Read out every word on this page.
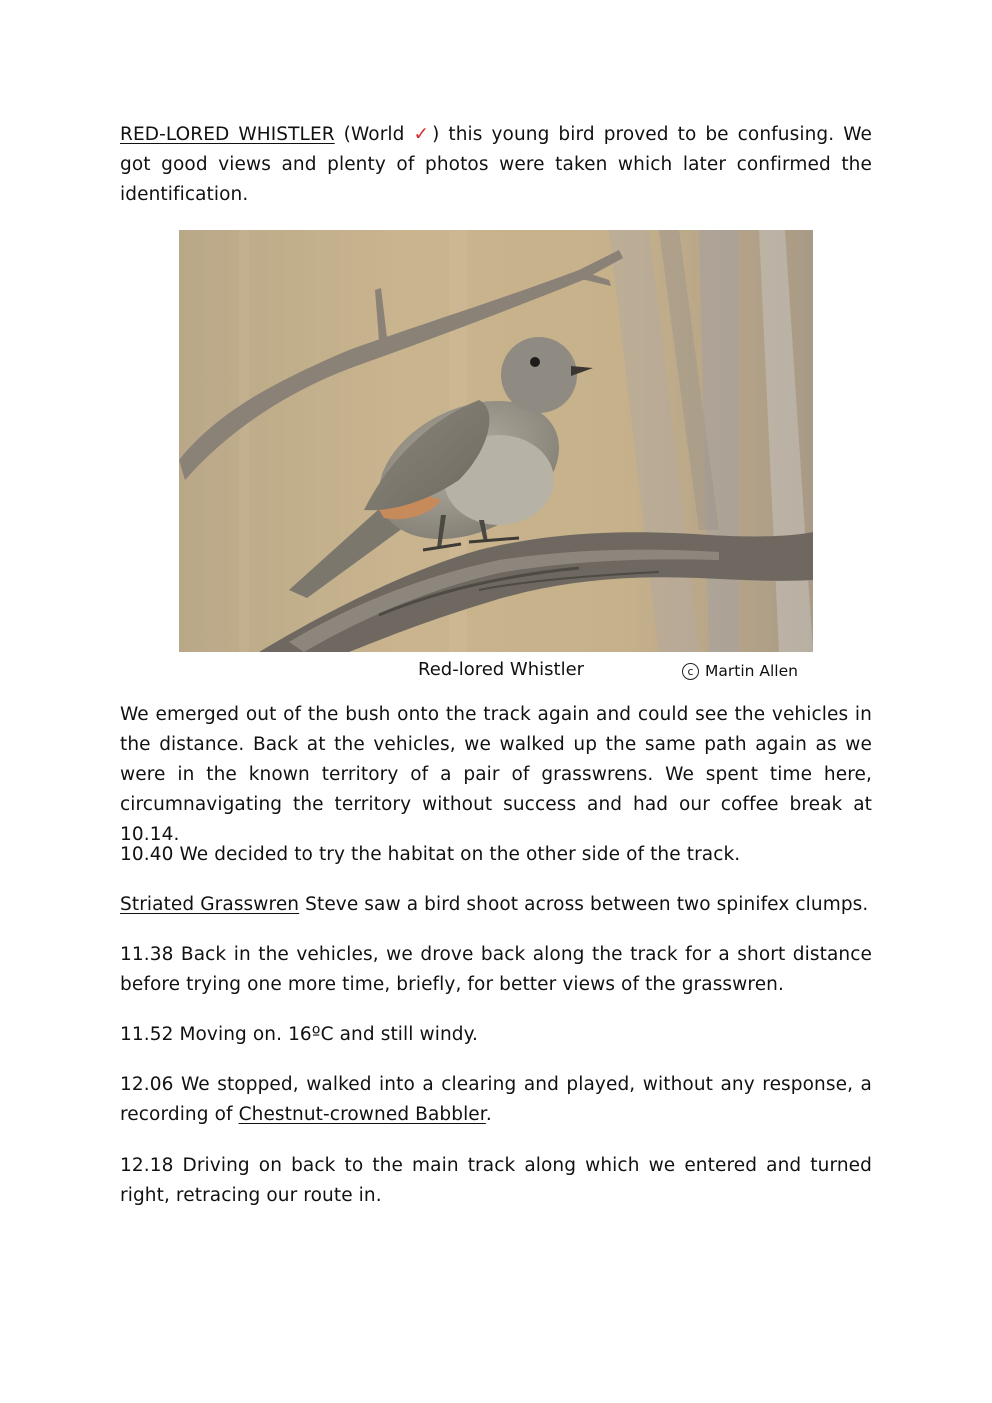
RED-LORED WHISTLER (World ✓) this young bird proved to be confusing. We got good views and plenty of photos were taken which later confirmed the identification.
Red-lored Whistler	c Martin Allen
We emerged out of the bush onto the track again and could see the vehicles in the distance. Back at the vehicles, we walked up the same path again as we were in the known territory of a pair of grasswrens. We spent time here, circumnavigating the territory without success and had our coffee break at 10.14.
10.40 We decided to try the habitat on the other side of the track.
Striated Grasswren Steve saw a bird shoot across between two spinifex clumps.
11.38 Back in the vehicles, we drove back along the track for a short distance before trying one more time, briefly, for better views of the grasswren.
11.52 Moving on. 16ºC and still windy.
12.06 We stopped, walked into a clearing and played, without any response, a recording of Chestnut-crowned Babbler.
12.18 Driving on back to the main track along which we entered and turned right, retracing our route in.
